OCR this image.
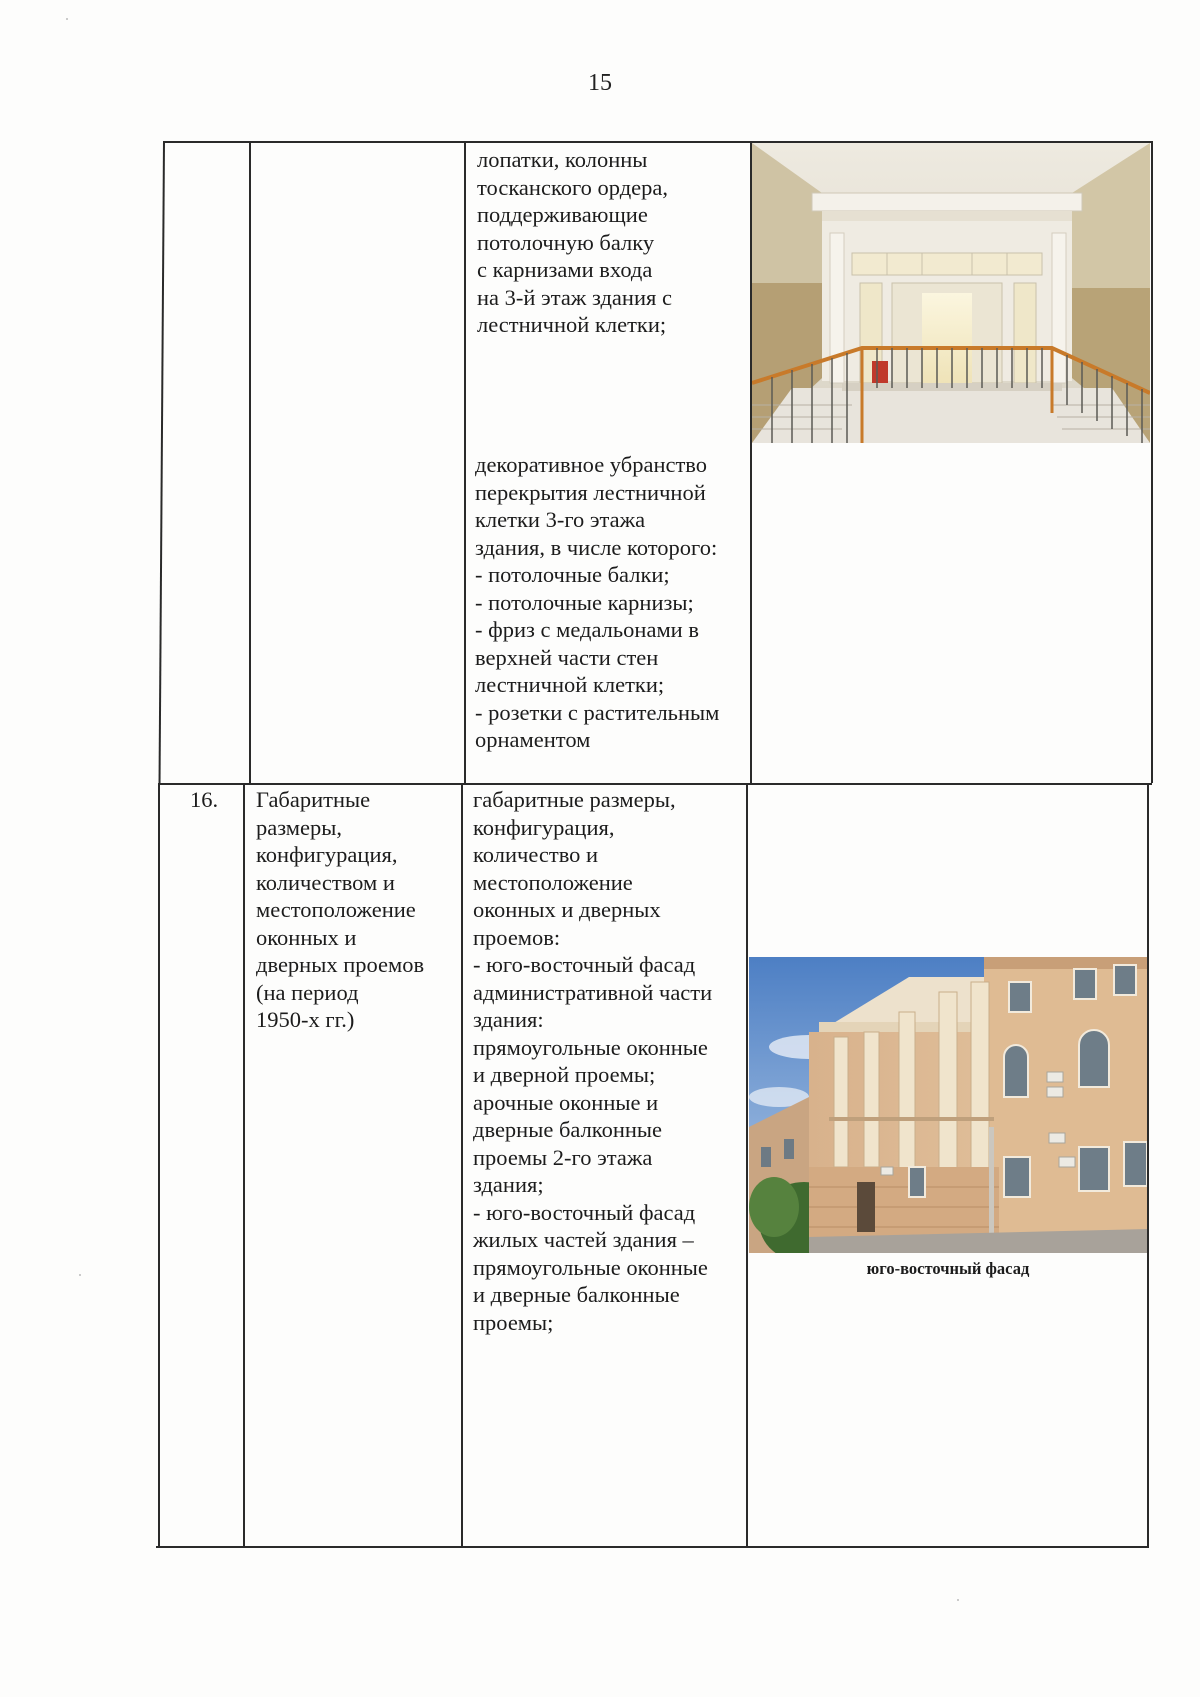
15
лопатки, колонны
тосканского ордера,
поддерживающие
потолочную балку
с карнизами входа
на 3-й этаж здания с
лестничной клетки;
декоративное убранство
перекрытия лестничной
клетки 3-го этажа
здания, в числе которого:
- потолочные балки;
- потолочные карнизы;
- фриз с медальонами в
верхней части стен
лестничной клетки;
- розетки с растительным
орнаментом
16.	Габаритные
размеры,
конфигурация,
количеством и
местоположение
оконных и
дверных проемов
(на период
1950-х гг.)
габаритные размеры,
конфигурация,
количество и
местоположение
оконных и дверных
проемов:
- юго-восточный фасад
административной части
здания:
прямоугольные оконные
и дверной проемы;
арочные оконные и
дверные балконные
проемы 2-го этажа
здания;
- юго-восточный фасад
жилых частей здания –
прямоугольные оконные
и дверные балконные
проемы;
юго-восточный фасад
